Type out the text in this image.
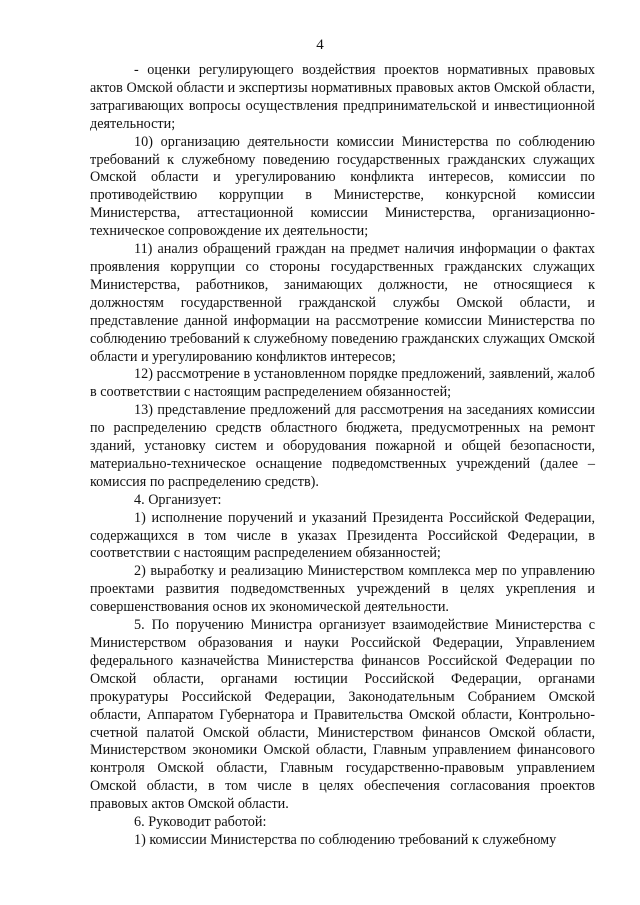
4

- оценки регулирующего воздействия проектов нормативных правовых актов Омской области и экспертизы нормативных правовых актов Омской области, затрагивающих вопросы осуществления предпринимательской и инвестиционной деятельности;

10) организацию деятельности комиссии Министерства по соблюдению требований к служебному поведению государственных гражданских служащих Омской области и урегулированию конфликта интересов, комиссии по противодействию коррупции в Министерстве, конкурсной комиссии Министерства, аттестационной комиссии Министерства, организационно-техническое сопровождение их деятельности;

11) анализ обращений граждан на предмет наличия информации о фактах проявления коррупции со стороны государственных гражданских служащих Министерства, работников, занимающих должности, не относящиеся к должностям государственной гражданской службы Омской области, и представление данной информации на рассмотрение комиссии Министерства по соблюдению требований к служебному поведению гражданских служащих Омской области и урегулированию конфликтов интересов;

12) рассмотрение в установленном порядке предложений, заявлений, жалоб в соответствии с настоящим распределением обязанностей;

13) представление предложений для рассмотрения на заседаниях комиссии по распределению средств областного бюджета, предусмотренных на ремонт зданий, установку систем и оборудования пожарной и общей безопасности, материально-техническое оснащение подведомственных учреждений (далее – комиссия по распределению средств).

4. Организует:

1) исполнение поручений и указаний Президента Российской Федерации, содержащихся в том числе в указах Президента Российской Федерации, в соответствии с настоящим распределением обязанностей;

2) выработку и реализацию Министерством комплекса мер по управлению проектами развития подведомственных учреждений в целях укрепления и совершенствования основ их экономической деятельности.

5. По поручению Министра организует взаимодействие Министерства с Министерством образования и науки Российской Федерации, Управлением федерального казначейства Министерства финансов Российской Федерации по Омской области, органами юстиции Российской Федерации, органами прокуратуры Российской Федерации, Законодательным Собранием Омской области, Аппаратом Губернатора и Правительства Омской области, Контрольно-счетной палатой Омской области, Министерством финансов Омской области, Министерством экономики Омской области, Главным управлением финансового контроля Омской области, Главным государственно-правовым управлением Омской области, в том числе в целях обеспечения согласования проектов правовых актов Омской области.

6. Руководит работой:

1) комиссии Министерства по соблюдению требований к служебному
